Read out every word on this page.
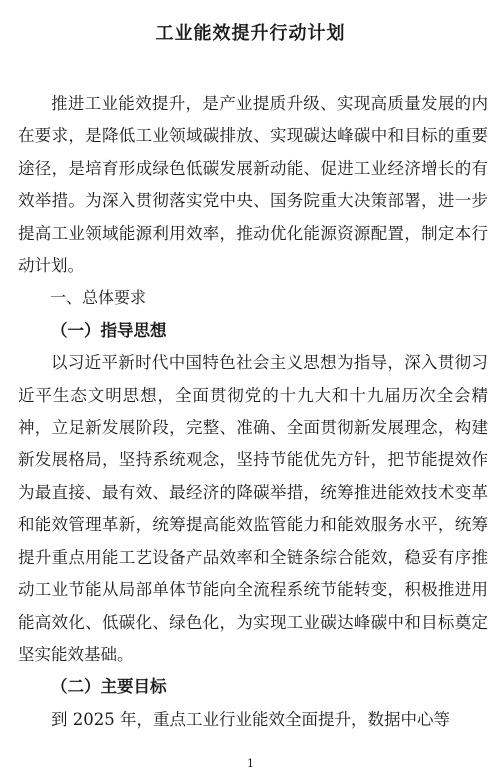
工业能效提升行动计划

推进工业能效提升，是产业提质升级、实现高质量发展的内在要求，是降低工业领域碳排放、实现碳达峰碳中和目标的重要途径，是培育形成绿色低碳发展新动能、促进工业经济增长的有效举措。为深入贯彻落实党中央、国务院重大决策部署，进一步提高工业领域能源利用效率，推动优化能源资源配置，制定本行动计划。

一、总体要求

（一）指导思想

以习近平新时代中国特色社会主义思想为指导，深入贯彻习近平生态文明思想，全面贯彻党的十九大和十九届历次全会精神，立足新发展阶段，完整、准确、全面贯彻新发展理念，构建新发展格局，坚持系统观念，坚持节能优先方针，把节能提效作为最直接、最有效、最经济的降碳举措，统筹推进能效技术变革和能效管理革新，统筹提高能效监管能力和能效服务水平，统筹提升重点用能工艺设备产品效率和全链条综合能效，稳妥有序推动工业节能从局部单体节能向全流程系统节能转变，积极推进用能高效化、低碳化、绿色化，为实现工业碳达峰碳中和目标奠定坚实能效基础。

（二）主要目标

到 2025 年，重点工业行业能效全面提升，数据中心等

1
